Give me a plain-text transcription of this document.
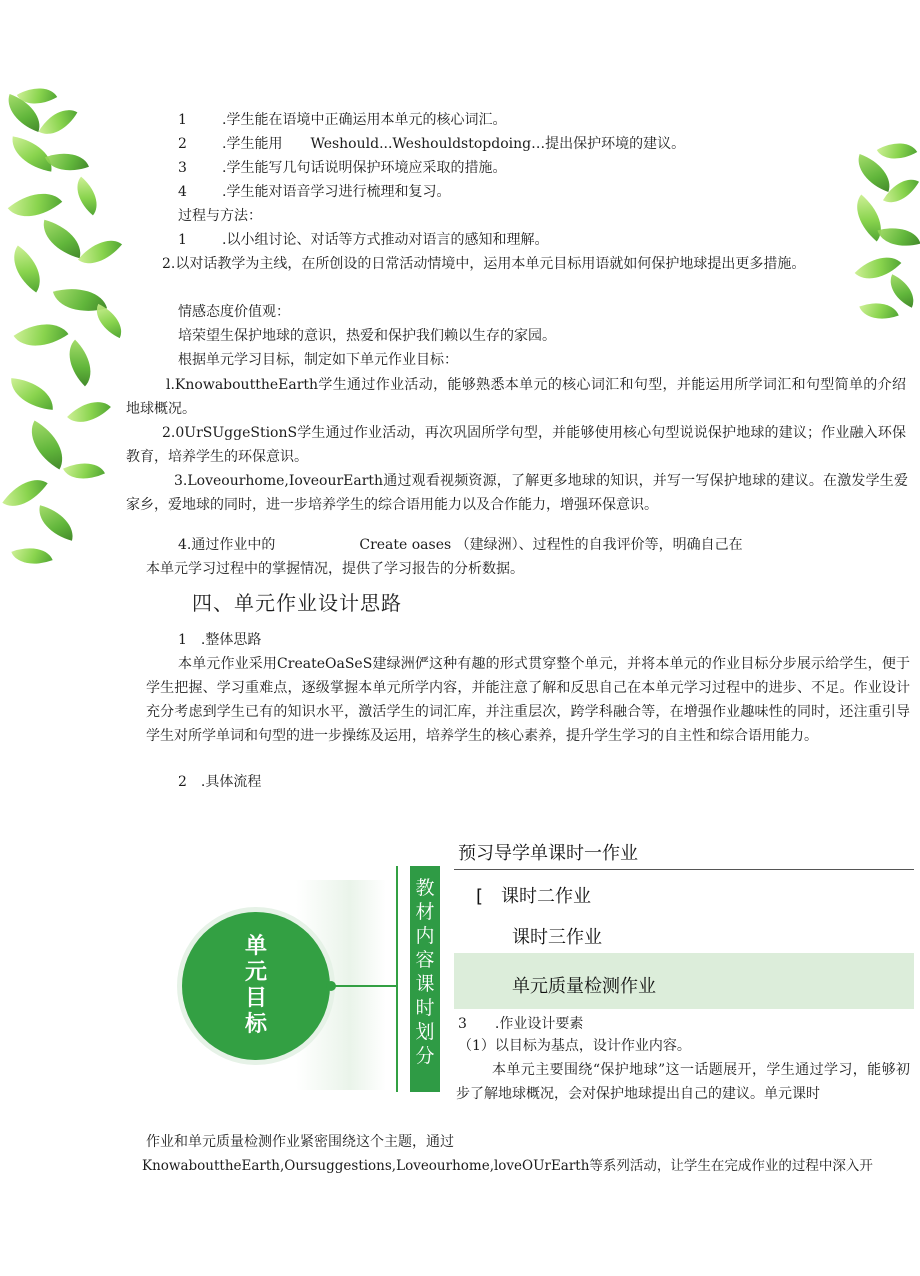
1	.学生能在语境中正确运用本单元的核心词汇。
2	.学生能用　　Weshould...Weshouldstopdoing…提出保护环境的建议。
3	.学生能写几句话说明保护环境应采取的措施。
4	.学生能对语音学习进行梳理和复习。
过程与方法：
1	.以小组讨论、对话等方式推动对语言的感知和理解。
2.以对话教学为主线，在所创设的日常活动情境中，运用本单元目标用语就如何保护地球提出更多措施。
情感态度价值观：
培荣望生保护地球的意识，热爱和保护我们赖以生存的家园。
根据单元学习目标，制定如下单元作业目标：
l.KnowabouttheEarth学生通过作业活动，能够熟悉本单元的核心词汇和句型，并能运用所学词汇和句型简单的介绍地球概况。
2.0UrSUggeStionS学生通过作业活动，再次巩固所学句型，并能够使用核心句型说说保护地球的建议；作业融入环保教育，培养学生的环保意识。
3.Loveourhome,IoveourEarth通过观看视频资源，了解更多地球的知识，并写一写保护地球的建议。在激发学生爱家乡，爱地球的同时，进一步培养学生的综合语用能力以及合作能力，增强环保意识。
4.通过作业中的　　　　　　Create oases （建绿洲）、过程性的自我评价等，明确自己在
本单元学习过程中的掌握情况，提供了学习报告的分析数据。
四、单元作业设计思路
1　.整体思路
本单元作业采用CreateOaSeS建绿洲俨这种有趣的形式贯穿整个单元，并将本单元的作业目标分步展示给学生，便于学生把握、学习重难点，逐级掌握本单元所学内容，并能注意了解和反思自己在本单元学习过程中的进步、不足。作业设计充分考虑到学生已有的知识水平，激活学生的词汇库，并注重层次，跨学科融合等，在增强作业趣味性的同时，还注重引导学生对所学单词和句型的进一步操练及运用，培养学生的核心素养，提升学生学习的自主性和综合语用能力。
2　.具体流程
单元目标
教材内容　课时划分
预习导学单课时一作业
[　课时二作业
课时三作业
单元质量检测作业
3　　.作业设计要素
（1）以目标为基点，设计作业内容。
本单元主要围绕“保护地球”这一话题展开，学生通过学习，能够初步了解地球概况，会对保护地球提出自己的建议。单元课时
作业和单元质量检测作业紧密围绕这个主题，通过
KnowabouttheEarth,Oursuggestions,Loveourhome,loveOUrEarth等系列活动，让学生在完成作业的过程中深入开
